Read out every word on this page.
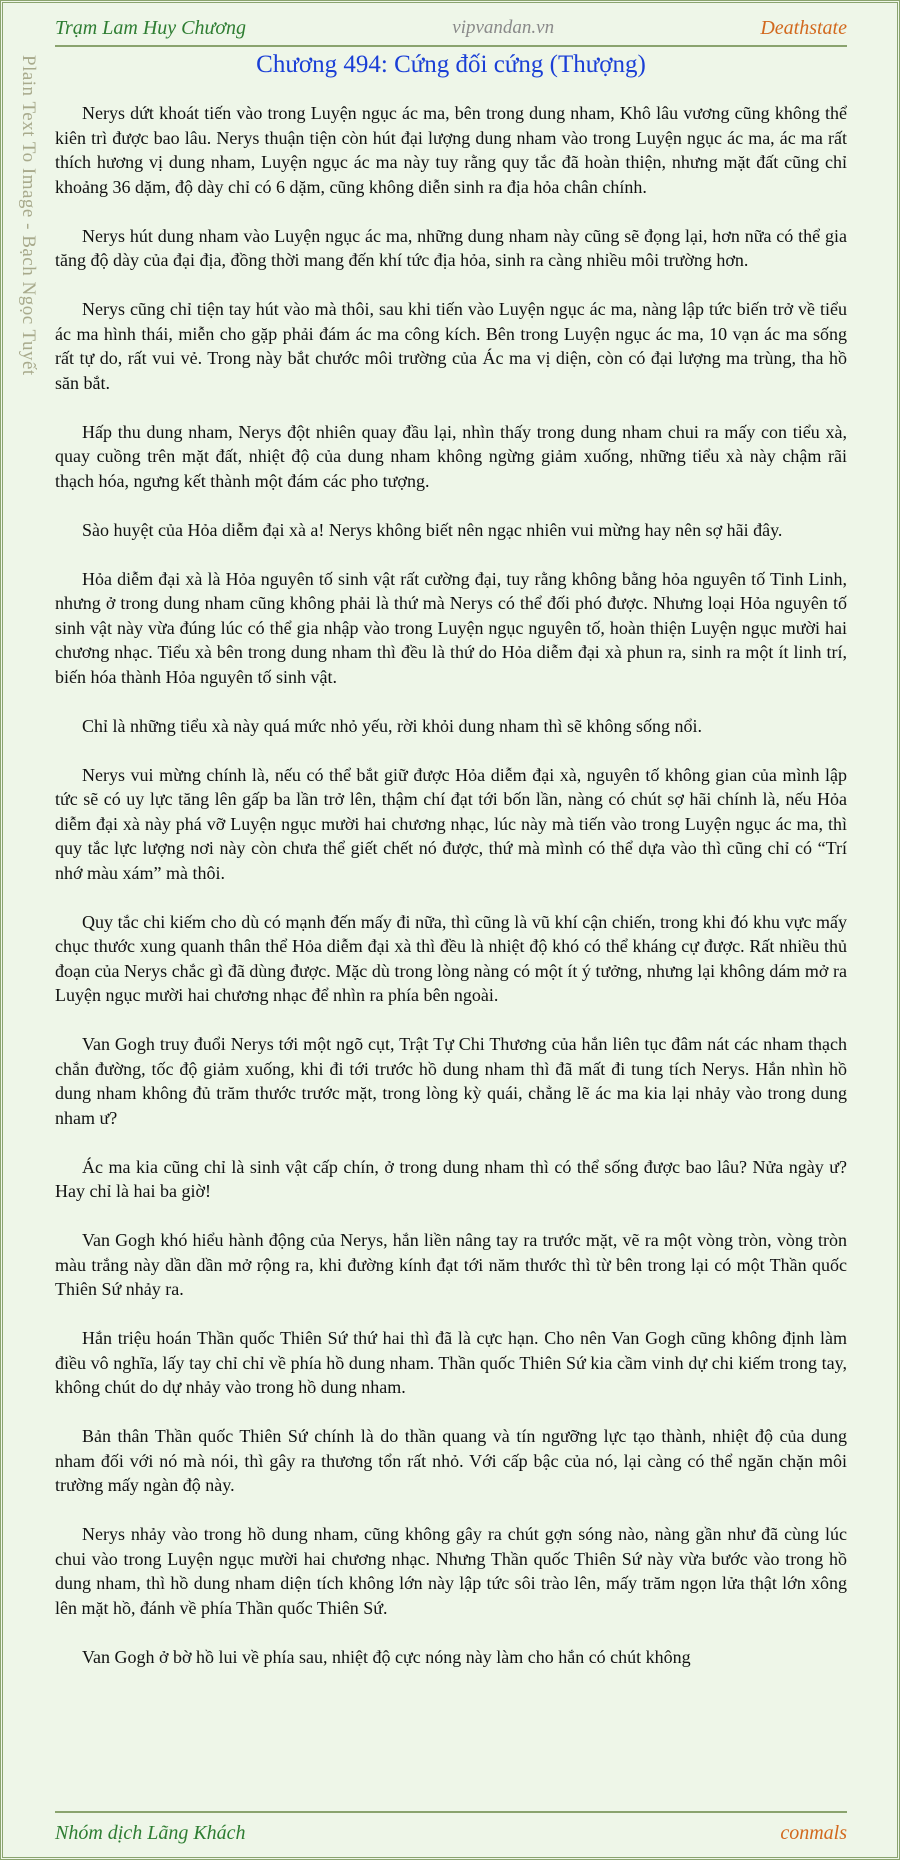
Trạm Lam Huy Chương	vipvandan.vn	Deathstate
Plain Text To Image - Bạch Ngọc Tuyết	Chương 494: Cứng đối cứng (Thượng)

Nerys dứt khoát tiến vào trong Luyện ngục ác ma, bên trong dung nham, Khô lâu vương cũng không thể kiên trì được bao lâu. Nerys thuận tiện còn hút đại lượng dung nham vào trong Luyện ngục ác ma, ác ma rất thích hương vị dung nham, Luyện ngục ác ma này tuy rằng quy tắc đã hoàn thiện, nhưng mặt đất cũng chỉ khoảng 36 dặm, độ dày chỉ có 6 dặm, cũng không diễn sinh ra địa hỏa chân chính.

Nerys hút dung nham vào Luyện ngục ác ma, những dung nham này cũng sẽ đọng lại, hơn nữa có thể gia tăng độ dày của đại địa, đồng thời mang đến khí tức địa hỏa, sinh ra càng nhiều môi trường hơn.

Nerys cũng chỉ tiện tay hút vào mà thôi, sau khi tiến vào Luyện ngục ác ma, nàng lập tức biến trở về tiểu ác ma hình thái, miễn cho gặp phải đám ác ma công kích. Bên trong Luyện ngục ác ma, 10 vạn ác ma sống rất tự do, rất vui vẻ. Trong này bắt chước môi trường của Ác ma vị diện, còn có đại lượng ma trùng, tha hồ săn bắt.

Hấp thu dung nham, Nerys đột nhiên quay đầu lại, nhìn thấy trong dung nham chui ra mấy con tiểu xà, quay cuồng trên mặt đất, nhiệt độ của dung nham không ngừng giảm xuống, những tiểu xà này chậm rãi thạch hóa, ngưng kết thành một đám các pho tượng.

Sào huyệt của Hỏa diễm đại xà a! Nerys không biết nên ngạc nhiên vui mừng hay nên sợ hãi đây.

Hỏa diễm đại xà là Hỏa nguyên tố sinh vật rất cường đại, tuy rằng không bằng hỏa nguyên tố Tinh Linh, nhưng ở trong dung nham cũng không phải là thứ mà Nerys có thể đối phó được. Nhưng loại Hỏa nguyên tố sinh vật này vừa đúng lúc có thể gia nhập vào trong Luyện ngục nguyên tố, hoàn thiện Luyện ngục mười hai chương nhạc. Tiểu xà bên trong dung nham thì đều là thứ do Hỏa diễm đại xà phun ra, sinh ra một ít linh trí, biến hóa thành Hỏa nguyên tố sinh vật.

Chỉ là những tiểu xà này quá mức nhỏ yếu, rời khỏi dung nham thì sẽ không sống nổi.

Nerys vui mừng chính là, nếu có thể bắt giữ được Hỏa diễm đại xà, nguyên tố không gian của mình lập tức sẽ có uy lực tăng lên gấp ba lần trở lên, thậm chí đạt tới bốn lần, nàng có chút sợ hãi chính là, nếu Hỏa diễm đại xà này phá vỡ Luyện ngục mười hai chương nhạc, lúc này mà tiến vào trong Luyện ngục ác ma, thì quy tắc lực lượng nơi này còn chưa thể giết chết nó được, thứ mà mình có thể dựa vào thì cũng chỉ có “Trí nhớ màu xám” mà thôi.

Quy tắc chi kiếm cho dù có mạnh đến mấy đi nữa, thì cũng là vũ khí cận chiến, trong khi đó khu vực mấy chục thước xung quanh thân thể Hỏa diễm đại xà thì đều là nhiệt độ khó có thể kháng cự được. Rất nhiều thủ đoạn của Nerys chắc gì đã dùng được. Mặc dù trong lòng nàng có một ít ý tưởng, nhưng lại không dám mở ra Luyện ngục mười hai chương nhạc để nhìn ra phía bên ngoài.

Van Gogh truy đuổi Nerys tới một ngõ cụt, Trật Tự Chi Thương của hắn liên tục đâm nát các nham thạch chắn đường, tốc độ giảm xuống, khi đi tới trước hồ dung nham thì đã mất đi tung tích Nerys. Hắn nhìn hồ dung nham không đủ trăm thước trước mặt, trong lòng kỳ quái, chẳng lẽ ác ma kia lại nhảy vào trong dung nham ư?

Ác ma kia cũng chỉ là sinh vật cấp chín, ở trong dung nham thì có thể sống được bao lâu? Nửa ngày ư? Hay chỉ là hai ba giờ!

Van Gogh khó hiểu hành động của Nerys, hắn liền nâng tay ra trước mặt, vẽ ra một vòng tròn, vòng tròn màu trắng này dần dần mở rộng ra, khi đường kính đạt tới năm thước thì từ bên trong lại có một Thần quốc Thiên Sứ nhảy ra.

Hắn triệu hoán Thần quốc Thiên Sứ thứ hai thì đã là cực hạn. Cho nên Van Gogh cũng không định làm điều vô nghĩa, lấy tay chỉ chỉ về phía hồ dung nham. Thần quốc Thiên Sứ kia cầm vinh dự chi kiếm trong tay, không chút do dự nhảy vào trong hồ dung nham.

Bản thân Thần quốc Thiên Sứ chính là do thần quang và tín ngưỡng lực tạo thành, nhiệt độ của dung nham đối với nó mà nói, thì gây ra thương tổn rất nhỏ. Với cấp bậc của nó, lại càng có thể ngăn chặn môi trường mấy ngàn độ này.

Nerys nhảy vào trong hồ dung nham, cũng không gây ra chút gợn sóng nào, nàng gần như đã cùng lúc chui vào trong Luyện ngục mười hai chương nhạc. Nhưng Thần quốc Thiên Sứ này vừa bước vào trong hồ dung nham, thì hồ dung nham diện tích không lớn này lập tức sôi trào lên, mấy trăm ngọn lửa thật lớn xông lên mặt hồ, đánh về phía Thần quốc Thiên Sứ.

Van Gogh ở bờ hồ lui về phía sau, nhiệt độ cực nóng này làm cho hắn có chút không

Nhóm dịch Lãng Khách	conmals
